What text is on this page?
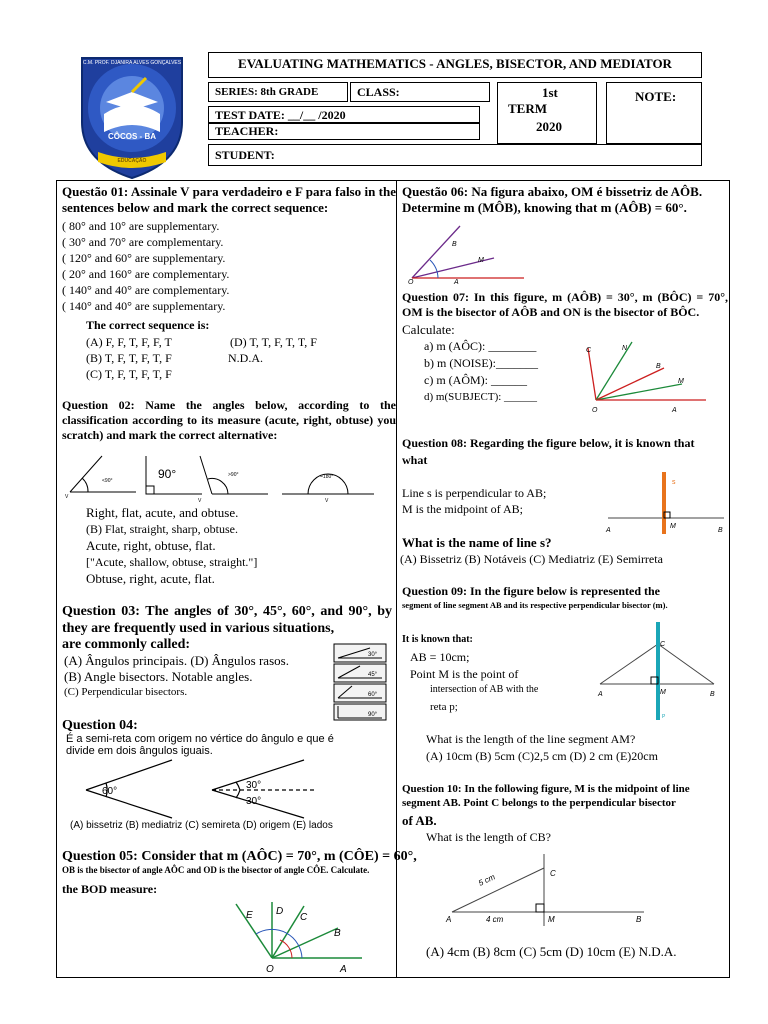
C.M. PROF. DJANIRA ALVES GONÇALVES
CÔCOS - BA
EDUCAÇÃO
EVALUATING MATHEMATICS - ANGLES, BISECTOR, AND MEDIATOR
SERIES: 8th GRADE	CLASS:	1st
TERM
2020
NOTE:
TEST DATE: __/__ /2020
TEACHER:
STUDENT:
Questão 01: Assinale V para verdadeiro e F para falso in the sentences below and mark the correct sequence:
( 80° and 10° are supplementary.
( 30° and 70° are complementary.
( 120° and 60° are supplementary.
( 20° and 160° are complementary.
( 140° and 40° are complementary.
( 140° and 40° are supplementary.
The correct sequence is:
(A) F, F, T, F, F, T	(D) T, T, F, T, T, F
(B) T, F, T, F, T, F	N.D.A.
(C) T, F, T, F, T, F
Question 02: Name the angles below, according to the classification according to its measure (acute, right, obtuse) you scratch) and mark the correct alternative:
<90°	90°	>90°	=180°
V
V	V
Right, flat, acute, and obtuse.
(B) Flat, straight, sharp, obtuse.
Acute, right, obtuse, flat.
["Acute, shallow, obtuse, straight."]
Obtuse, right, acute, flat.
Question 03: The angles of 30°, 45°, 60°, and 90°, by they are frequently used in various situations,
are commonly called:
(A) Ângulos principais. (D) Ângulos rasos.
(B) Angle bisectors. Notable angles.
(C) Perpendicular bisectors.
30°
45°
60°
90°
Question 04:
É a semi-reta com origem no vértice do ângulo e que é divide em dois ângulos iguais.
60°
30°
30°
(A) bissetriz (B) mediatriz (C) semireta (D) origem (E) lados
Question 05: Consider that m (AÔC) = 70°, m (CÔE) = 60°,
OB is the bisector of angle AÔC and OD is the bisector of angle CÔE. Calculate.
the BOD measure:
E D
C
B
O	A
Questão 06: Na figura abaixo, OM é bissetriz de AÔB. Determine m (MÔB), knowing that m (AÔB) = 60°.
B
M
O	A
Question 07: In this figure, m (AÔB) = 30°, m (BÔC) = 70°, OM is the bisector of AÔB and ON is the bisector of BÔC.
Calculate:
a) m (AÔC): ________
b) m (NOISE):_______
c) m (AÔM): ______
d) m(SUBJECT): ______
C	N
B
M
O	A
Question 08: Regarding the figure below, it is known that
what
Line s is perpendicular to AB;
M is the midpoint of AB;
What is the name of line s?
(A) Bissetriz (B) Notáveis (C) Mediatriz (E) Semirreta
s
A
M
B
Question 09: In the figure below is represented the
segment of line segment AB and its respective perpendicular bisector (m).
It is known that:
AB = 10cm;
Point M is the point of
intersection of AB with the
reta p;
What is the length of the line segment AM?
(A) 10cm (B) 5cm (C)2,5 cm (D) 2 cm (E)20cm
C
A	M	B
P
Question 10: In the following figure, M is the midpoint of line segment AB. Point C belongs to the perpendicular bisector
of AB.
What is the length of CB?
C
5 cm
A	4 cm	M	B
(A) 4cm (B) 8cm (C) 5cm (D) 10cm (E) N.D.A.
